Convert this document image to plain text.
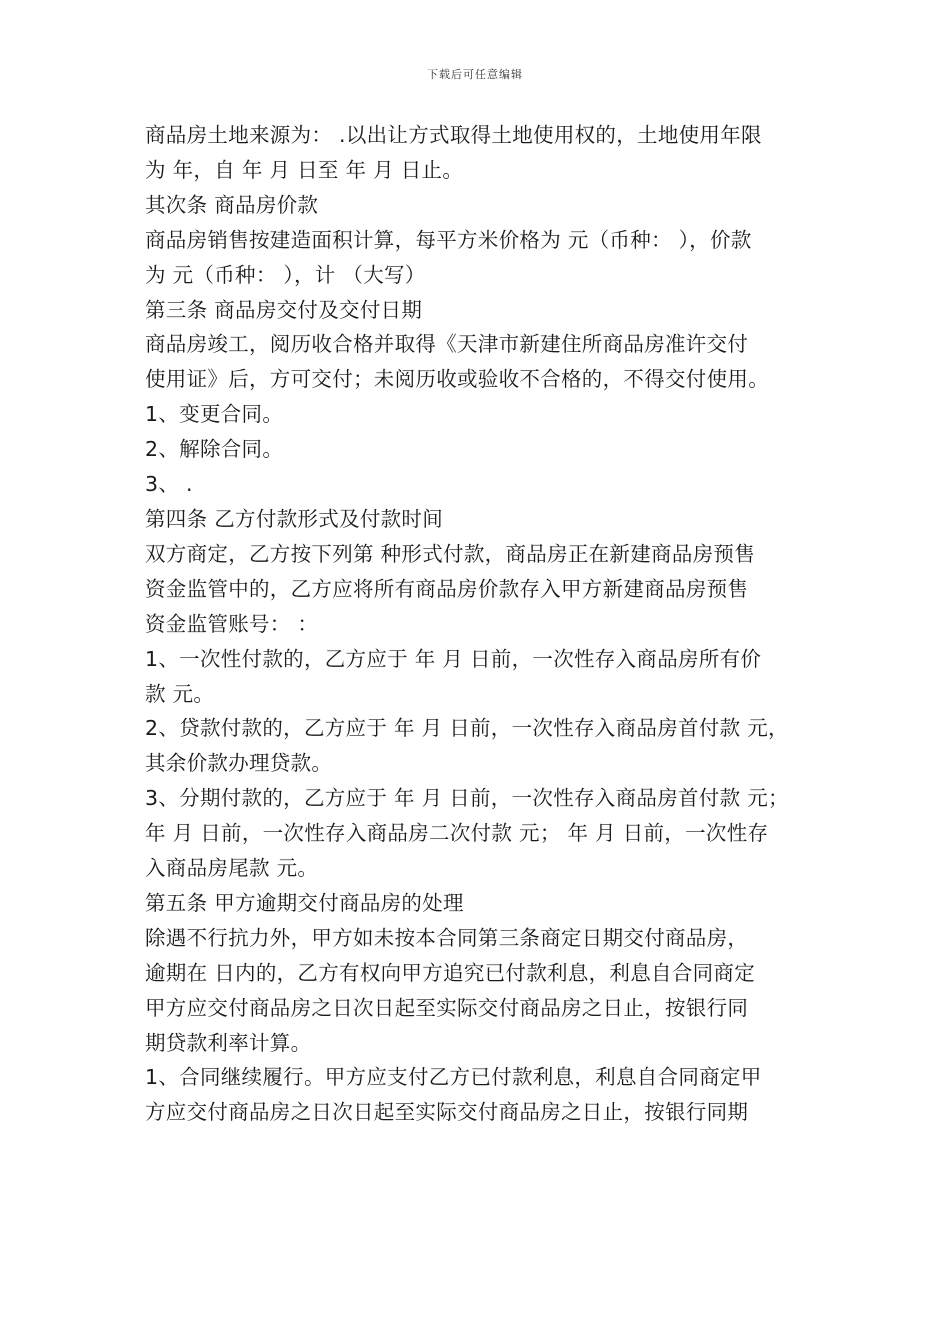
下载后可任意编辑
商品房土地来源为： .以出让方式取得土地使用权的，土地使用年限
为 年，自 年 月 日至 年 月 日止。
其次条 商品房价款
商品房销售按建造面积计算，每平方米价格为 元（币种： ），价款
为 元（币种： ），计 （大写）
第三条 商品房交付及交付日期
商品房竣工，阅历收合格并取得《天津市新建住所商品房准许交付
使用证》后，方可交付；未阅历收或验收不合格的，不得交付使用。
1、变更合同。
2、解除合同。
3、 .
第四条 乙方付款形式及付款时间
双方商定，乙方按下列第 种形式付款，商品房正在新建商品房预售
资金监管中的，乙方应将所有商品房价款存入甲方新建商品房预售
资金监管账号： ：
1、一次性付款的，乙方应于 年 月 日前，一次性存入商品房所有价
款 元。
2、贷款付款的，乙方应于 年 月 日前，一次性存入商品房首付款 元，
其余价款办理贷款。
3、分期付款的，乙方应于 年 月 日前，一次性存入商品房首付款 元；
年 月 日前，一次性存入商品房二次付款 元； 年 月 日前，一次性存
入商品房尾款 元。
第五条 甲方逾期交付商品房的处理
除遇不行抗力外，甲方如未按本合同第三条商定日期交付商品房，
逾期在 日内的，乙方有权向甲方追究已付款利息，利息自合同商定
甲方应交付商品房之日次日起至实际交付商品房之日止，按银行同
期贷款利率计算。
1、合同继续履行。甲方应支付乙方已付款利息，利息自合同商定甲
方应交付商品房之日次日起至实际交付商品房之日止，按银行同期
